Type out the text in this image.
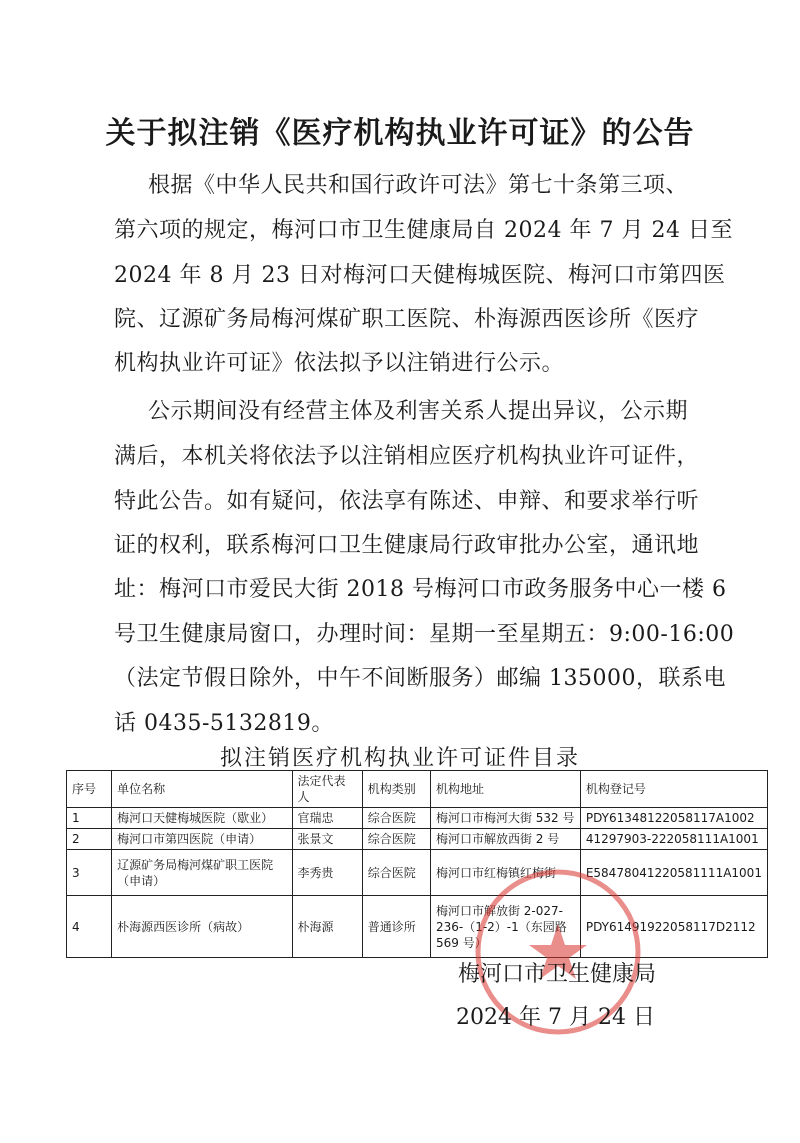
关于拟注销《医疗机构执业许可证》的公告
根据《中华人民共和国行政许可法》第七十条第三项、
第六项的规定，梅河口市卫生健康局自 2024 年 7 月 24 日至
2024 年 8 月 23 日对梅河口天健梅城医院、梅河口市第四医
院、辽源矿务局梅河煤矿职工医院、朴海源西医诊所《医疗
机构执业许可证》依法拟予以注销进行公示。
公示期间没有经营主体及利害关系人提出异议，公示期
满后，本机关将依法予以注销相应医疗机构执业许可证件，
特此公告。如有疑问，依法享有陈述、申辩、和要求举行听
证的权利，联系梅河口卫生健康局行政审批办公室，通讯地
址：梅河口市爱民大街 2018 号梅河口市政务服务中心一楼 6
号卫生健康局窗口，办理时间：星期一至星期五：9:00-16:00
（法定节假日除外，中午不间断服务）邮编 135000，联系电
话 0435-5132819。
拟注销医疗机构执业许可证件目录
序号	单位名称	法定代表人	机构类别	机构地址	机构登记号
1	梅河口天健梅城医院（歇业）	官瑞忠	综合医院	梅河口市梅河大街 532 号	PDY61348122058117A1002
2	梅河口市第四医院（申请）	张景文	综合医院	梅河口市解放西街 2 号	41297903-222058111A1001
3	辽源矿务局梅河煤矿职工医院（申请）	李秀贵	综合医院	梅河口市红梅镇红梅街	E58478041220581111A1001
4	朴海源西医诊所（病故）	朴海源	普通诊所	梅河口市解放街 2-027-236-（1-2）-1（东园路 569 号）	PDY61491922058117D2112
梅河口市卫生健康局
2024 年 7 月 24 日
